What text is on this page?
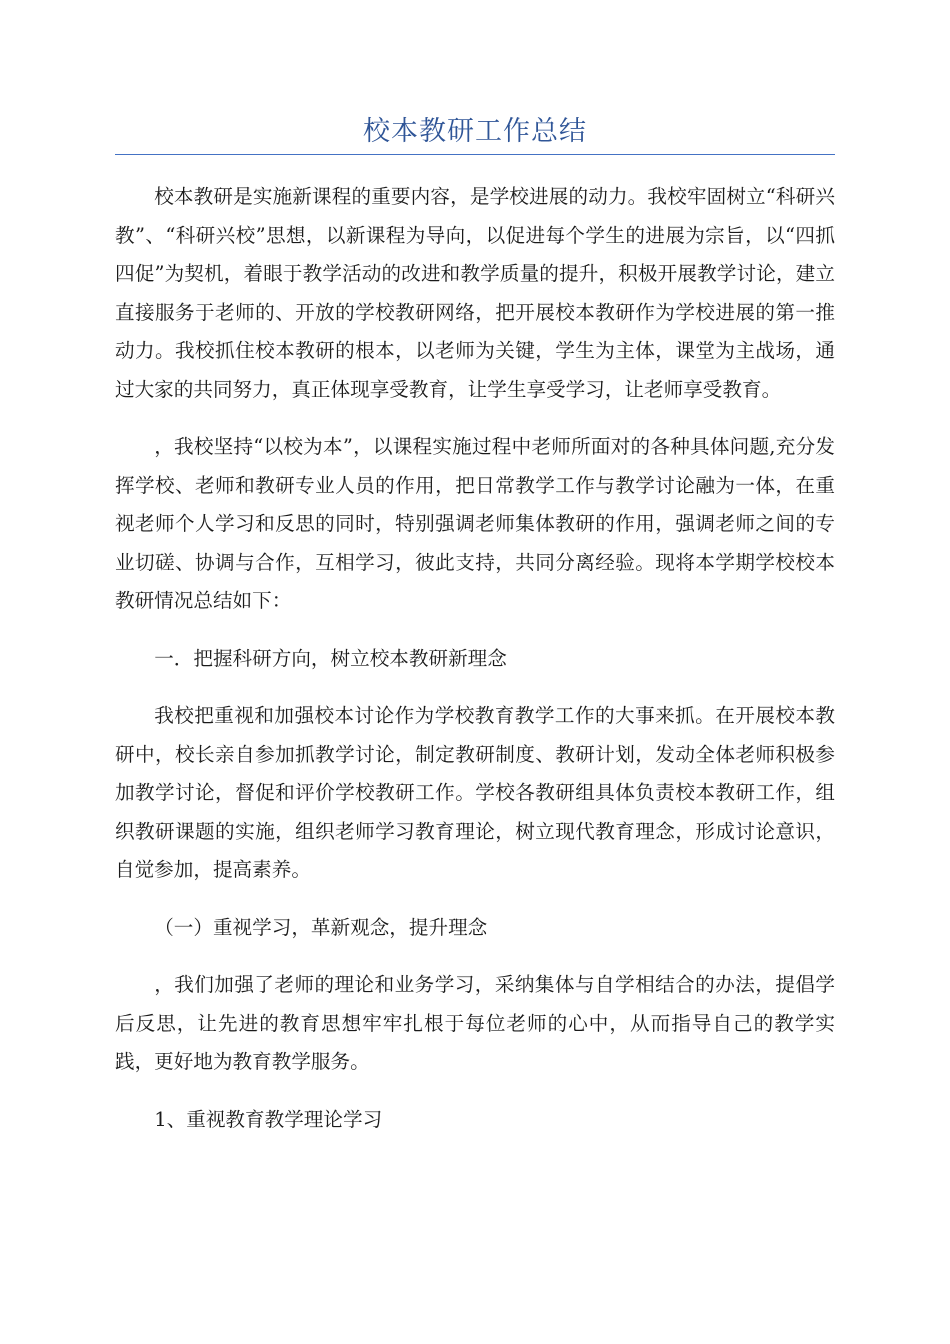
校本教研工作总结

校本教研是实施新课程的重要内容，是学校进展的动力。我校牢固树立“科研兴教”、“科研兴校”思想，以新课程为导向，以促进每个学生的进展为宗旨，以“四抓四促”为契机，着眼于教学活动的改进和教学质量的提升，积极开展教学讨论，建立直接服务于老师的、开放的学校教研网络，把开展校本教研作为学校进展的第一推动力。我校抓住校本教研的根本，以老师为关键，学生为主体，课堂为主战场，通过大家的共同努力，真正体现享受教育，让学生享受学习，让老师享受教育。

，我校坚持“以校为本”，以课程实施过程中老师所面对的各种具体问题,充分发挥学校、老师和教研专业人员的作用，把日常教学工作与教学讨论融为一体，在重视老师个人学习和反思的同时，特别强调老师集体教研的作用，强调老师之间的专业切磋、协调与合作，互相学习，彼此支持，共同分离经验。现将本学期学校校本教研情况总结如下：

一．把握科研方向，树立校本教研新理念

我校把重视和加强校本讨论作为学校教育教学工作的大事来抓。在开展校本教研中，校长亲自参加抓教学讨论，制定教研制度、教研计划，发动全体老师积极参加教学讨论，督促和评价学校教研工作。学校各教研组具体负责校本教研工作，组织教研课题的实施，组织老师学习教育理论，树立现代教育理念，形成讨论意识，自觉参加，提高素养。

（一）重视学习，革新观念，提升理念

，我们加强了老师的理论和业务学习，采纳集体与自学相结合的办法，提倡学后反思，让先进的教育思想牢牢扎根于每位老师的心中，从而指导自己的教学实践，更好地为教育教学服务。

1、重视教育教学理论学习
